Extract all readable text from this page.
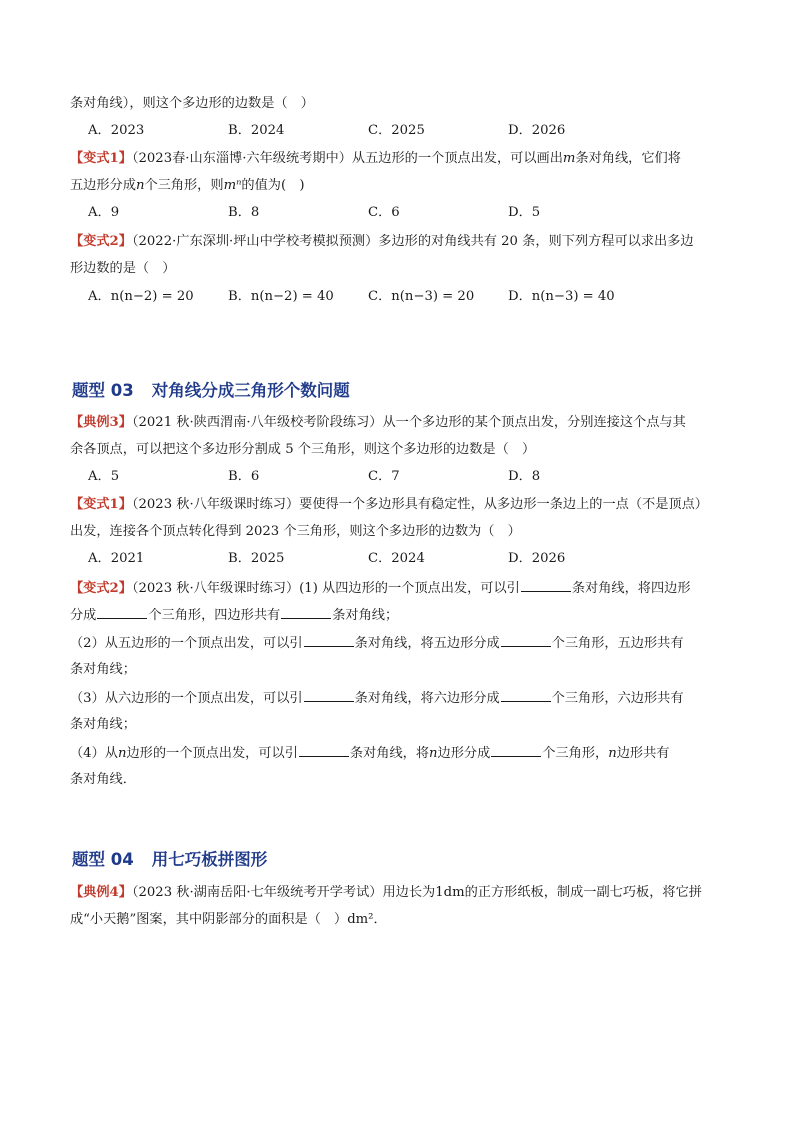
条对角线），则这个多边形的边数是（　）
A．2023	B．2024	C．2025	D．2026
【变式1】（2023春·山东淄博·六年级统考期中）从五边形的一个顶点出发，可以画出m条对角线，它们将
五边形分成n个三角形，则mⁿ的值为(　)
A．9	B．8	C．6	D．5
【变式2】（2022·广东深圳·坪山中学校考模拟预测）多边形的对角线共有 20 条，则下列方程可以求出多边
形边数的是（　）
A．n(n−2) = 20	B．n(n−2) = 40	C．n(n−3) = 20	D．n(n−3) = 40
题型 03 对角线分成三角形个数问题
【典例3】（2021 秋·陕西渭南·八年级校考阶段练习）从一个多边形的某个顶点出发，分别连接这个点与其
余各顶点，可以把这个多边形分割成 5 个三角形，则这个多边形的边数是（　）
A．5	B．6	C．7	D．8
【变式1】（2023 秋·八年级课时练习）要使得一个多边形具有稳定性，从多边形一条边上的一点（不是顶点）
出发，连接各个顶点转化得到 2023 个三角形，则这个多边形的边数为（　）
A．2021	B．2025	C．2024	D．2026
【变式2】（2023 秋·八年级课时练习）(1) 从四边形的一个顶点出发，可以引	条对角线，将四边形
分成	个三角形，四边形共有	条对角线；
（2）从五边形的一个顶点出发，可以引	条对角线，将五边形分成	个三角形，五边形共有
条对角线；
（3）从六边形的一个顶点出发，可以引	条对角线，将六边形分成	个三角形，六边形共有
条对角线；
（4）从n边形的一个顶点出发，可以引	条对角线，将n边形分成	个三角形，n边形共有
条对角线．
题型 04 用七巧板拼图形
【典例4】（2023 秋·湖南岳阳·七年级统考开学考试）用边长为1dm的正方形纸板，制成一副七巧板，将它拼
成“小天鹅”图案，其中阴影部分的面积是（　）dm²．
